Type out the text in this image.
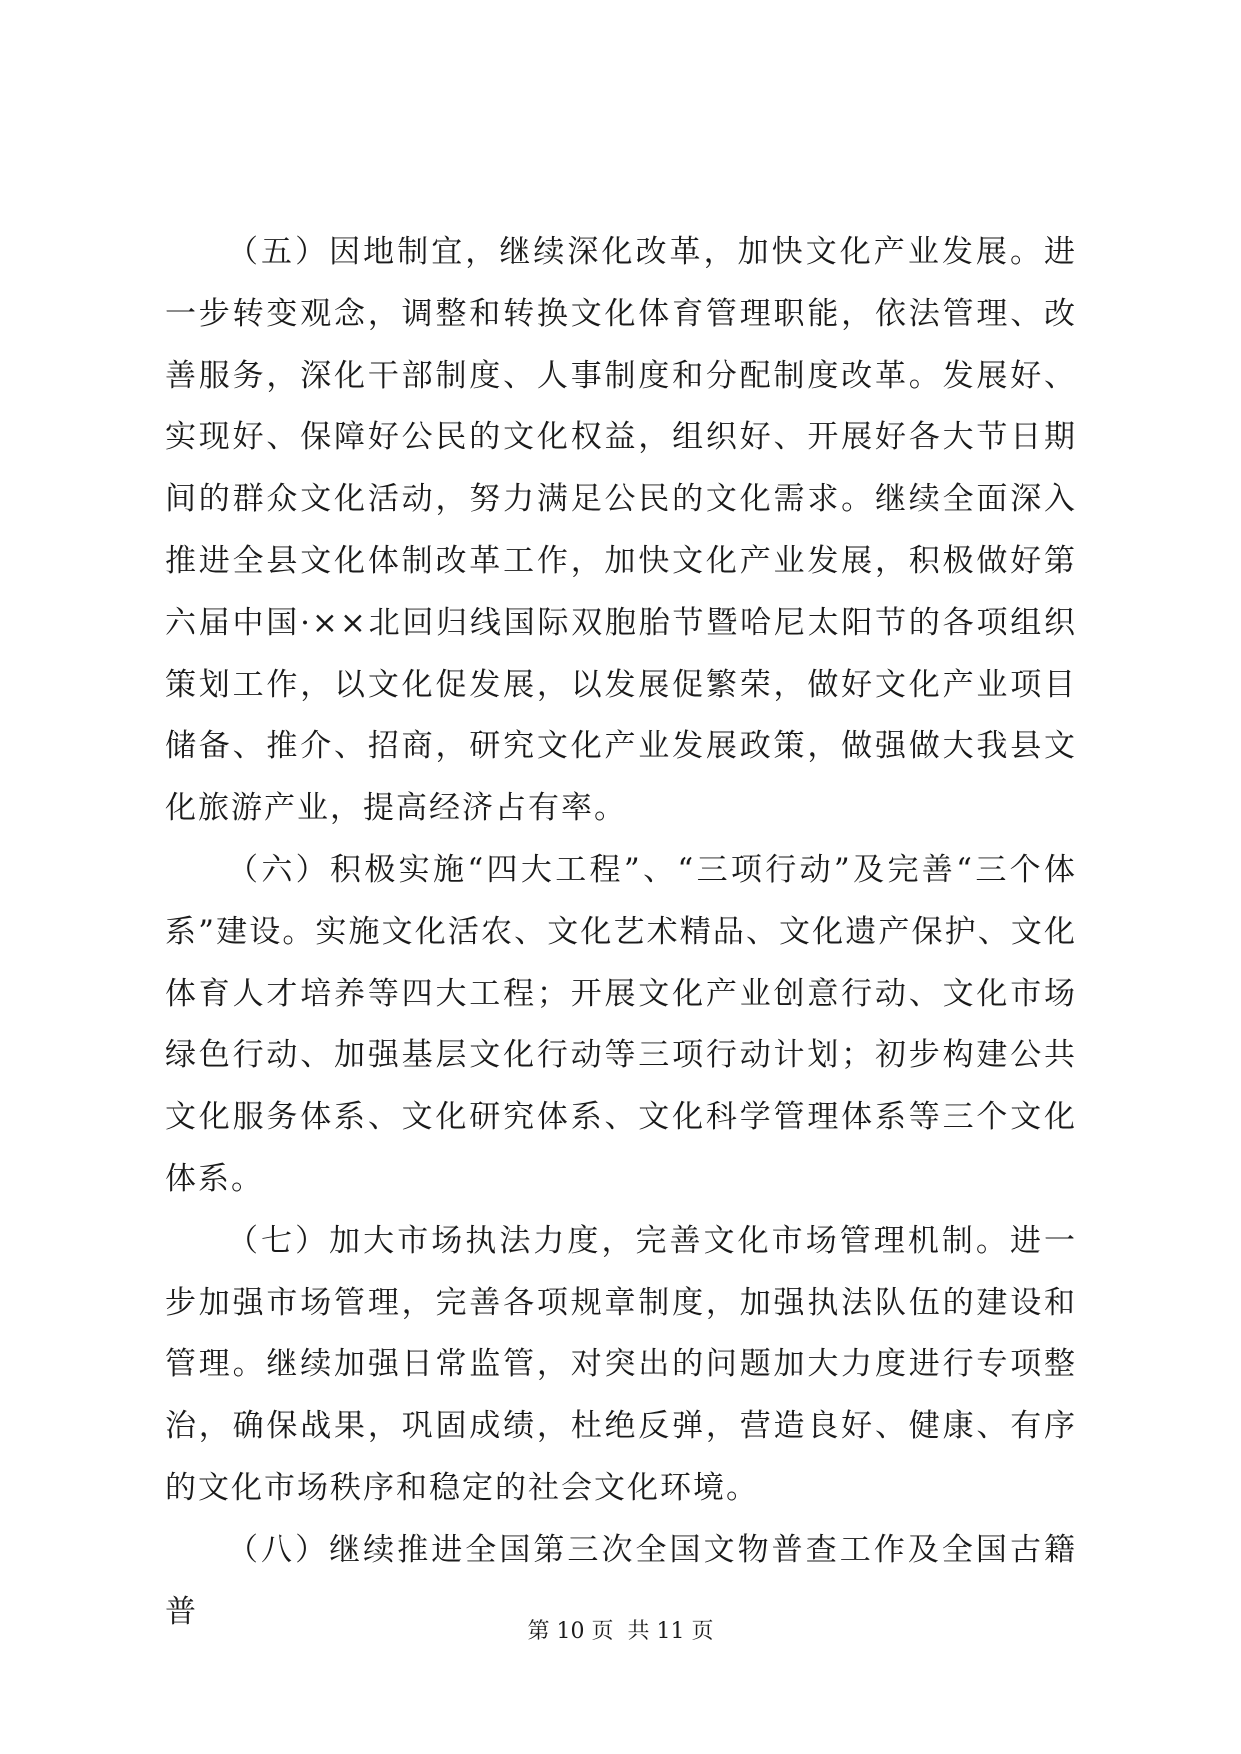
（五）因地制宜，继续深化改革，加快文化产业发展。进一步转变观念，调整和转换文化体育管理职能，依法管理、改善服务，深化干部制度、人事制度和分配制度改革。发展好、实现好、保障好公民的文化权益，组织好、开展好各大节日期间的群众文化活动，努力满足公民的文化需求。继续全面深入推进全县文化体制改革工作，加快文化产业发展，积极做好第六届中国·××北回归线国际双胞胎节暨哈尼太阳节的各项组织策划工作，以文化促发展，以发展促繁荣，做好文化产业项目储备、推介、招商，研究文化产业发展政策，做强做大我县文化旅游产业，提高经济占有率。

（六）积极实施“四大工程”、“三项行动”及完善“三个体系”建设。实施文化活农、文化艺术精品、文化遗产保护、文化体育人才培养等四大工程；开展文化产业创意行动、文化市场绿色行动、加强基层文化行动等三项行动计划；初步构建公共文化服务体系、文化研究体系、文化科学管理体系等三个文化体系。

（七）加大市场执法力度，完善文化市场管理机制。进一步加强市场管理，完善各项规章制度，加强执法队伍的建设和管理。继续加强日常监管，对突出的问题加大力度进行专项整治，确保战果，巩固成绩，杜绝反弹，营造良好、健康、有序的文化市场秩序和稳定的社会文化环境。

（八）继续推进全国第三次全国文物普查工作及全国古籍普

第 10 页  共 11 页
